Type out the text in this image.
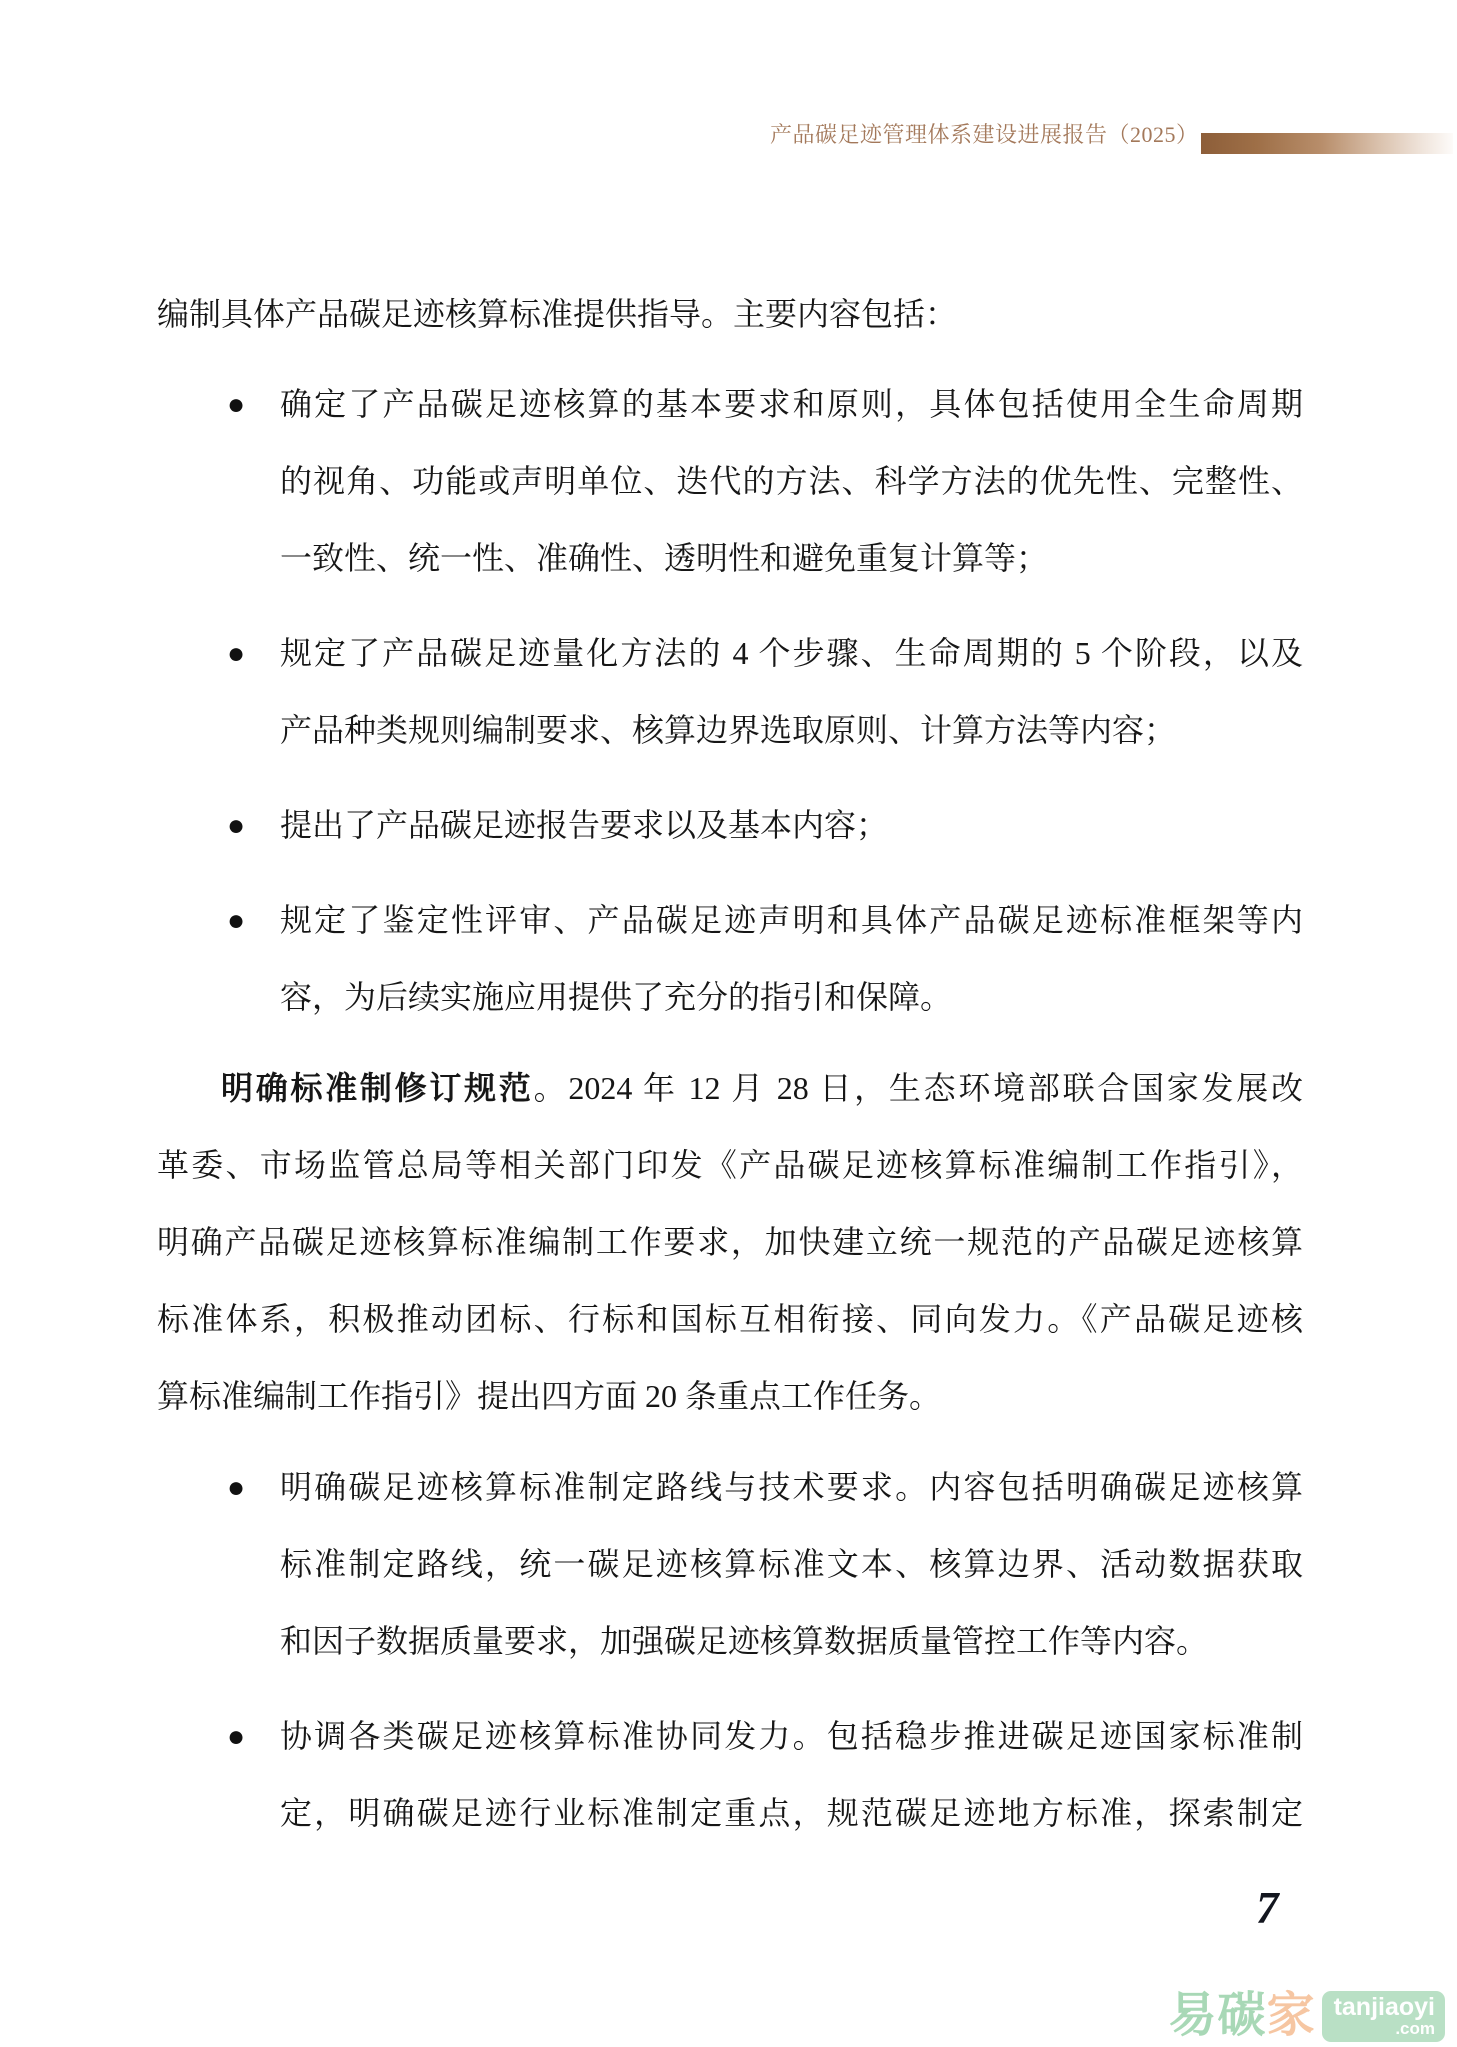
产品碳足迹管理体系建设进展报告（2025）
编制具体产品碳足迹核算标准提供指导。主要内容包括：
●	确定了产品碳足迹核算的基本要求和原则，具体包括使用全生命周期
的视角、功能或声明单位、迭代的方法、科学方法的优先性、完整性、
一致性、统一性、准确性、透明性和避免重复计算等；
●	规定了产品碳足迹量化方法的 4 个步骤、生命周期的 5 个阶段，以及
产品种类规则编制要求、核算边界选取原则、计算方法等内容；
●	提出了产品碳足迹报告要求以及基本内容；
●	规定了鉴定性评审、产品碳足迹声明和具体产品碳足迹标准框架等内
容，为后续实施应用提供了充分的指引和保障。
明确标准制修订规范。2024 年 12 月 28 日，生态环境部联合国家发展改
革委、市场监管总局等相关部门印发《产品碳足迹核算标准编制工作指引》，
明确产品碳足迹核算标准编制工作要求，加快建立统一规范的产品碳足迹核算
标准体系，积极推动团标、行标和国标互相衔接、同向发力。《产品碳足迹核
算标准编制工作指引》提出四方面 20 条重点工作任务。
●	明确碳足迹核算标准制定路线与技术要求。内容包括明确碳足迹核算
标准制定路线，统一碳足迹核算标准文本、核算边界、活动数据获取
和因子数据质量要求，加强碳足迹核算数据质量管控工作等内容。
●	协调各类碳足迹核算标准协同发力。包括稳步推进碳足迹国家标准制
定，明确碳足迹行业标准制定重点，规范碳足迹地方标准，探索制定
7
易碳 家 tanjiaoyi
.com
